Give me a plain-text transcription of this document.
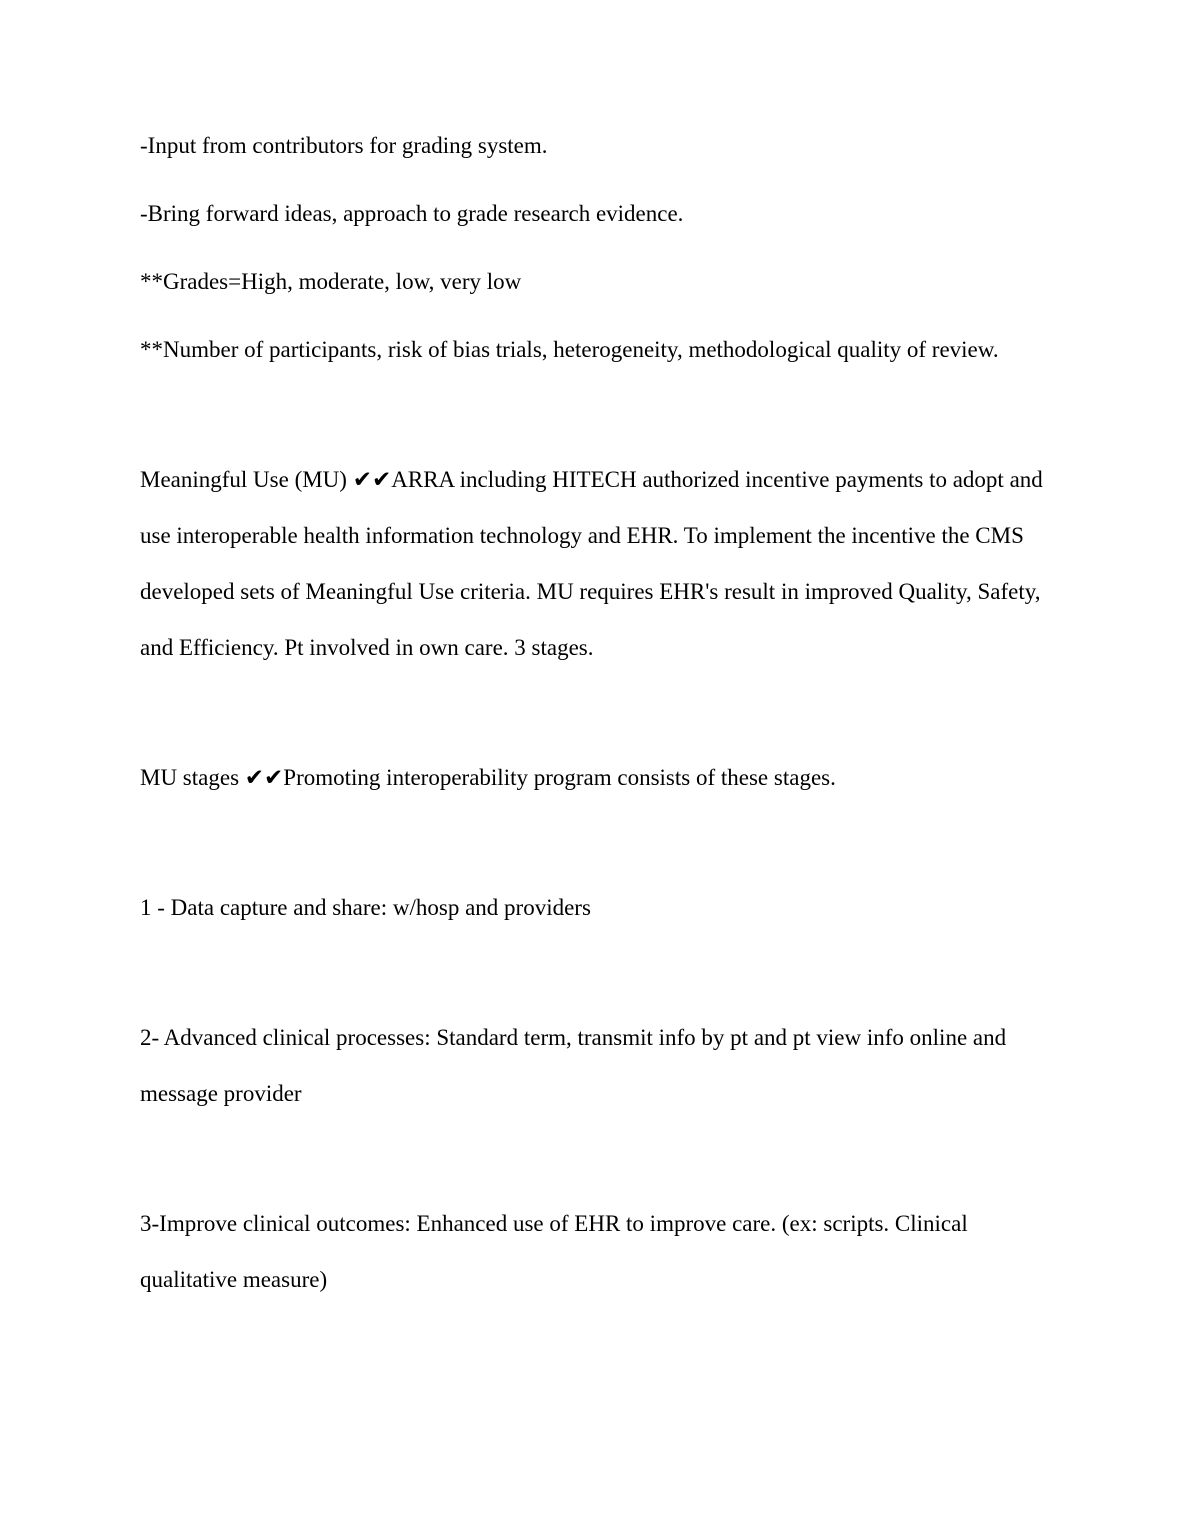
-Input from contributors for grading system.

-Bring forward ideas, approach to grade research evidence.

**Grades=High, moderate, low, very low

**Number of participants, risk of bias trials, heterogeneity, methodological quality of review.

Meaningful Use (MU) ✔✔ARRA including HITECH authorized incentive payments to adopt and use interoperable health information technology and EHR. To implement the incentive the CMS developed sets of Meaningful Use criteria. MU requires EHR's result in improved Quality, Safety, and Efficiency. Pt involved in own care. 3 stages.

MU stages ✔✔Promoting interoperability program consists of these stages.

1 - Data capture and share: w/hosp and providers

2- Advanced clinical processes: Standard term, transmit info by pt and pt view info online and message provider

3-Improve clinical outcomes: Enhanced use of EHR to improve care. (ex: scripts. Clinical qualitative measure)
